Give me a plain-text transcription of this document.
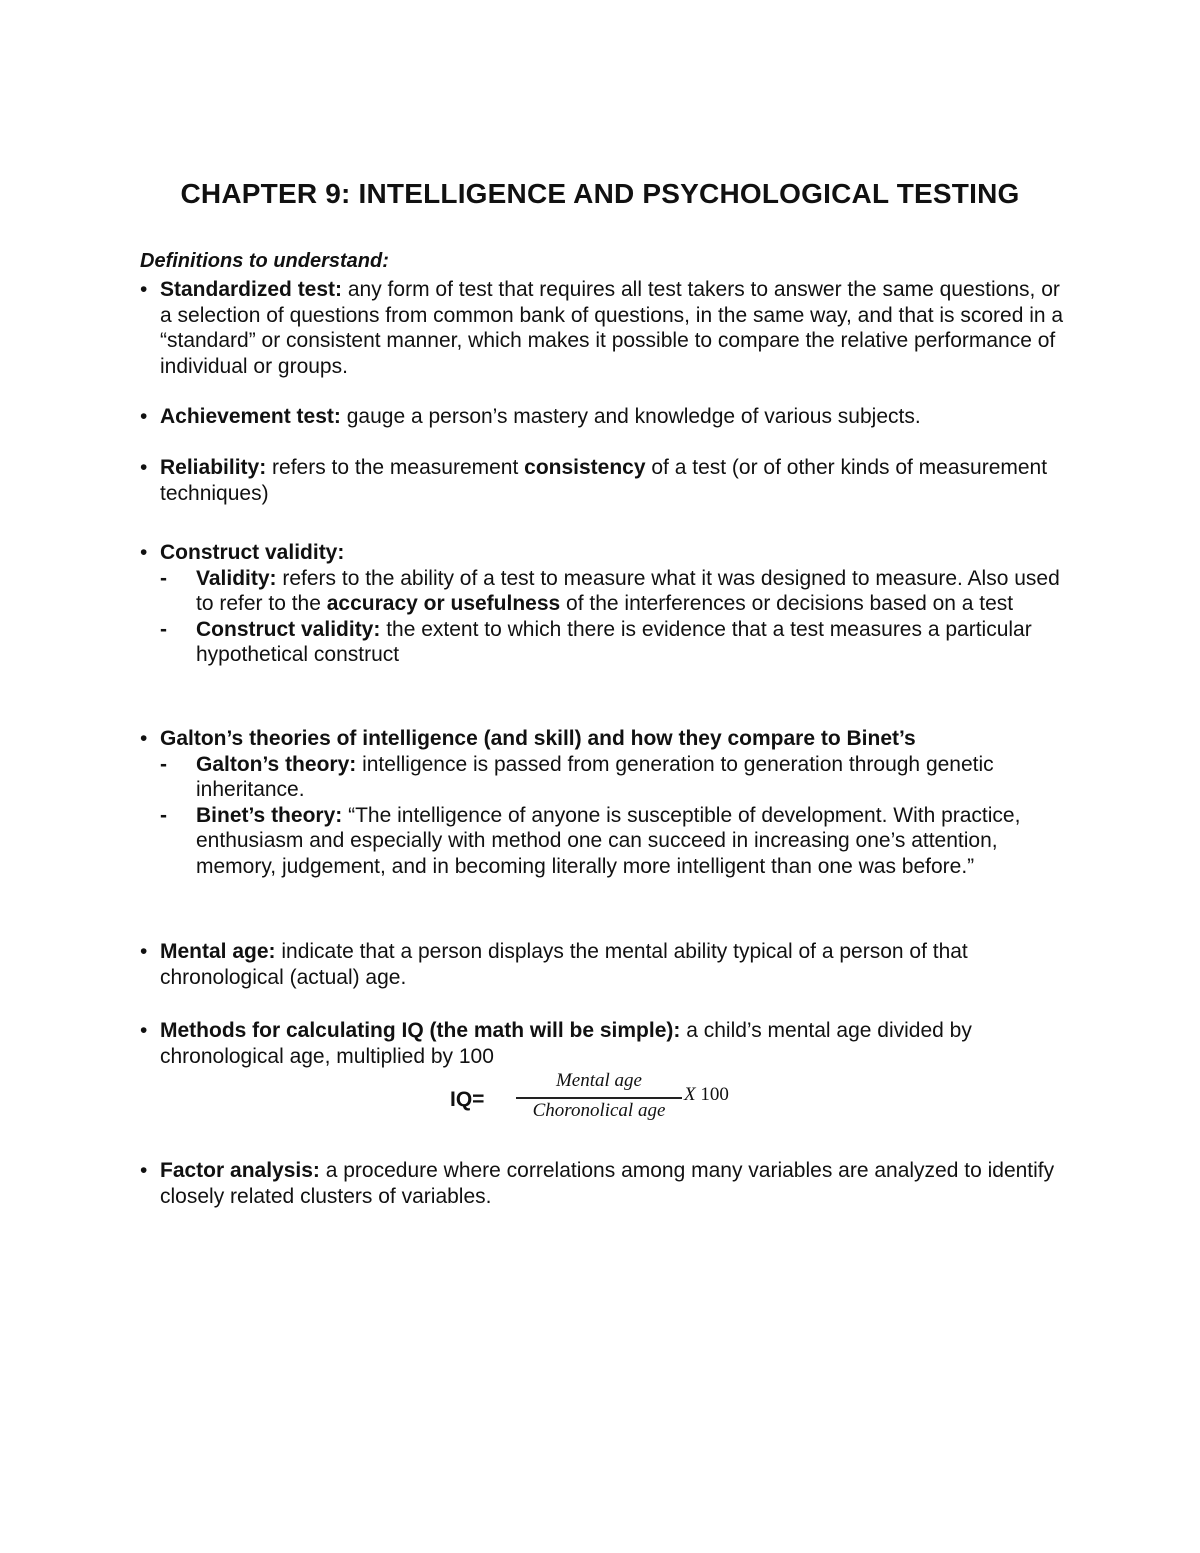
CHAPTER 9: INTELLIGENCE AND PSYCHOLOGICAL TESTING
Definitions to understand:
• Standardized test: any form of test that requires all test takers to answer the same questions, or a selection of questions from common bank of questions, in the same way, and that is scored in a “standard” or consistent manner, which makes it possible to compare the relative performance of individual or groups.
• Achievement test: gauge a person’s mastery and knowledge of various subjects.
• Reliability: refers to the measurement consistency of a test (or of other kinds of measurement techniques)
• Construct validity:
-	Validity: refers to the ability of a test to measure what it was designed to measure. Also used to refer to the accuracy or usefulness of the interferences or decisions based on a test
-	Construct validity: the extent to which there is evidence that a test measures a particular hypothetical construct
• Galton’s theories of intelligence (and skill) and how they compare to Binet’s
-	Galton’s theory: intelligence is passed from generation to generation through genetic inheritance.
-	Binet’s theory: “The intelligence of anyone is susceptible of development. With practice, enthusiasm and especially with method one can succeed in increasing one’s attention, memory, judgement, and in becoming literally more intelligent than one was before.”
• Mental age: indicate that a person displays the mental ability typical of a person of that chronological (actual) age.
• Methods for calculating IQ (the math will be simple): a child’s mental age divided by chronological age, multiplied by 100
IQ=
Mental age
Choronolical age
X 100
• Factor analysis: a procedure where correlations among many variables are analyzed to identify closely related clusters of variables.
